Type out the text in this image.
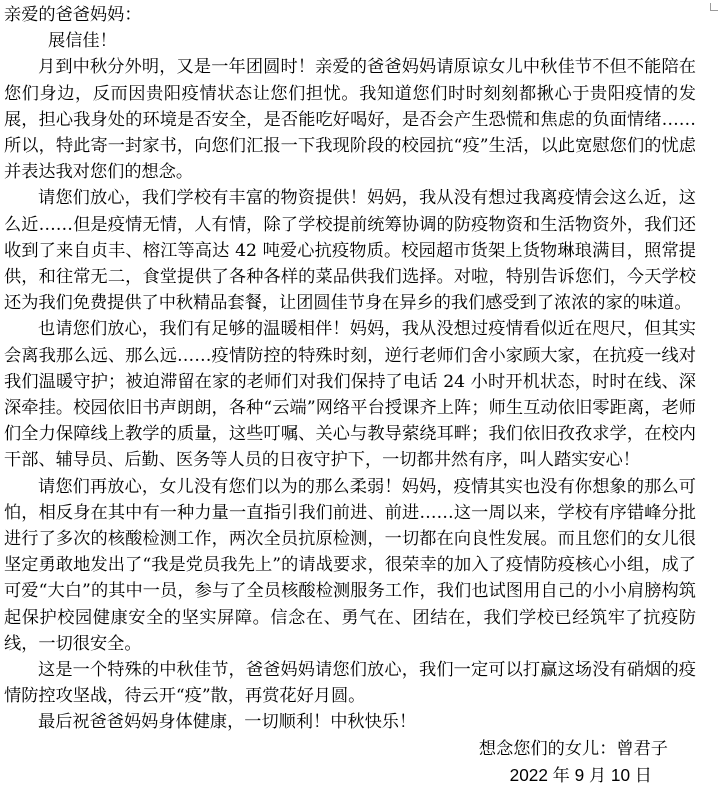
亲爱的爸爸妈妈：

展信佳！

月到中秋分外明，又是一年团圆时！亲爱的爸爸妈妈请原谅女儿中秋佳节不但不能陪在您们身边，反而因贵阳疫情状态让您们担忧。我知道您们时时刻刻都揪心于贵阳疫情的发展，担心我身处的环境是否安全，是否能吃好喝好，是否会产生恐慌和焦虑的负面情绪……所以，特此寄一封家书，向您们汇报一下我现阶段的校园抗“疫”生活，以此宽慰您们的忧虑并表达我对您们的想念。

请您们放心，我们学校有丰富的物资提供！妈妈，我从没有想过我离疫情会这么近，这么近……但是疫情无情，人有情，除了学校提前统筹协调的防疫物资和生活物资外，我们还收到了来自贞丰、榕江等高达 42 吨爱心抗疫物质。校园超市货架上货物琳琅满目，照常提供，和往常无二，食堂提供了各种各样的菜品供我们选择。对啦，特别告诉您们，今天学校还为我们免费提供了中秋精品套餐，让团圆佳节身在异乡的我们感受到了浓浓的家的味道。

也请您们放心，我们有足够的温暖相伴！妈妈，我从没想过疫情看似近在咫尺，但其实会离我那么远、那么远……疫情防控的特殊时刻，逆行老师们舍小家顾大家，在抗疫一线对我们温暖守护；被迫滞留在家的老师们对我们保持了电话 24 小时开机状态，时时在线、深深牵挂。校园依旧书声朗朗，各种“云端”网络平台授课齐上阵；师生互动依旧零距离，老师们全力保障线上教学的质量，这些叮嘱、关心与教导萦绕耳畔；我们依旧孜孜求学，在校内干部、辅导员、后勤、医务等人员的日夜守护下，一切都井然有序，叫人踏实安心！

请您们再放心，女儿没有您们以为的那么柔弱！妈妈，疫情其实也没有你想象的那么可怕，相反身在其中有一种力量一直指引我们前进、前进……这一周以来，学校有序错峰分批进行了多次的核酸检测工作，两次全员抗原检测，一切都在向良性发展。而且您们的女儿很坚定勇敢地发出了“我是党员我先上”的请战要求，很荣幸的加入了疫情防疫核心小组，成了可爱“大白”的其中一员，参与了全员核酸检测服务工作，我们也试图用自己的小小肩膀构筑起保护校园健康安全的坚实屏障。信念在、勇气在、团结在，我们学校已经筑牢了抗疫防线，一切很安全。

这是一个特殊的中秋佳节，爸爸妈妈请您们放心，我们一定可以打赢这场没有硝烟的疫情防控攻坚战，待云开“疫”散，再赏花好月圆。

最后祝爸爸妈妈身体健康，一切顺利！中秋快乐！

想念您们的女儿：曾君子

2022 年 9 月 10 日
